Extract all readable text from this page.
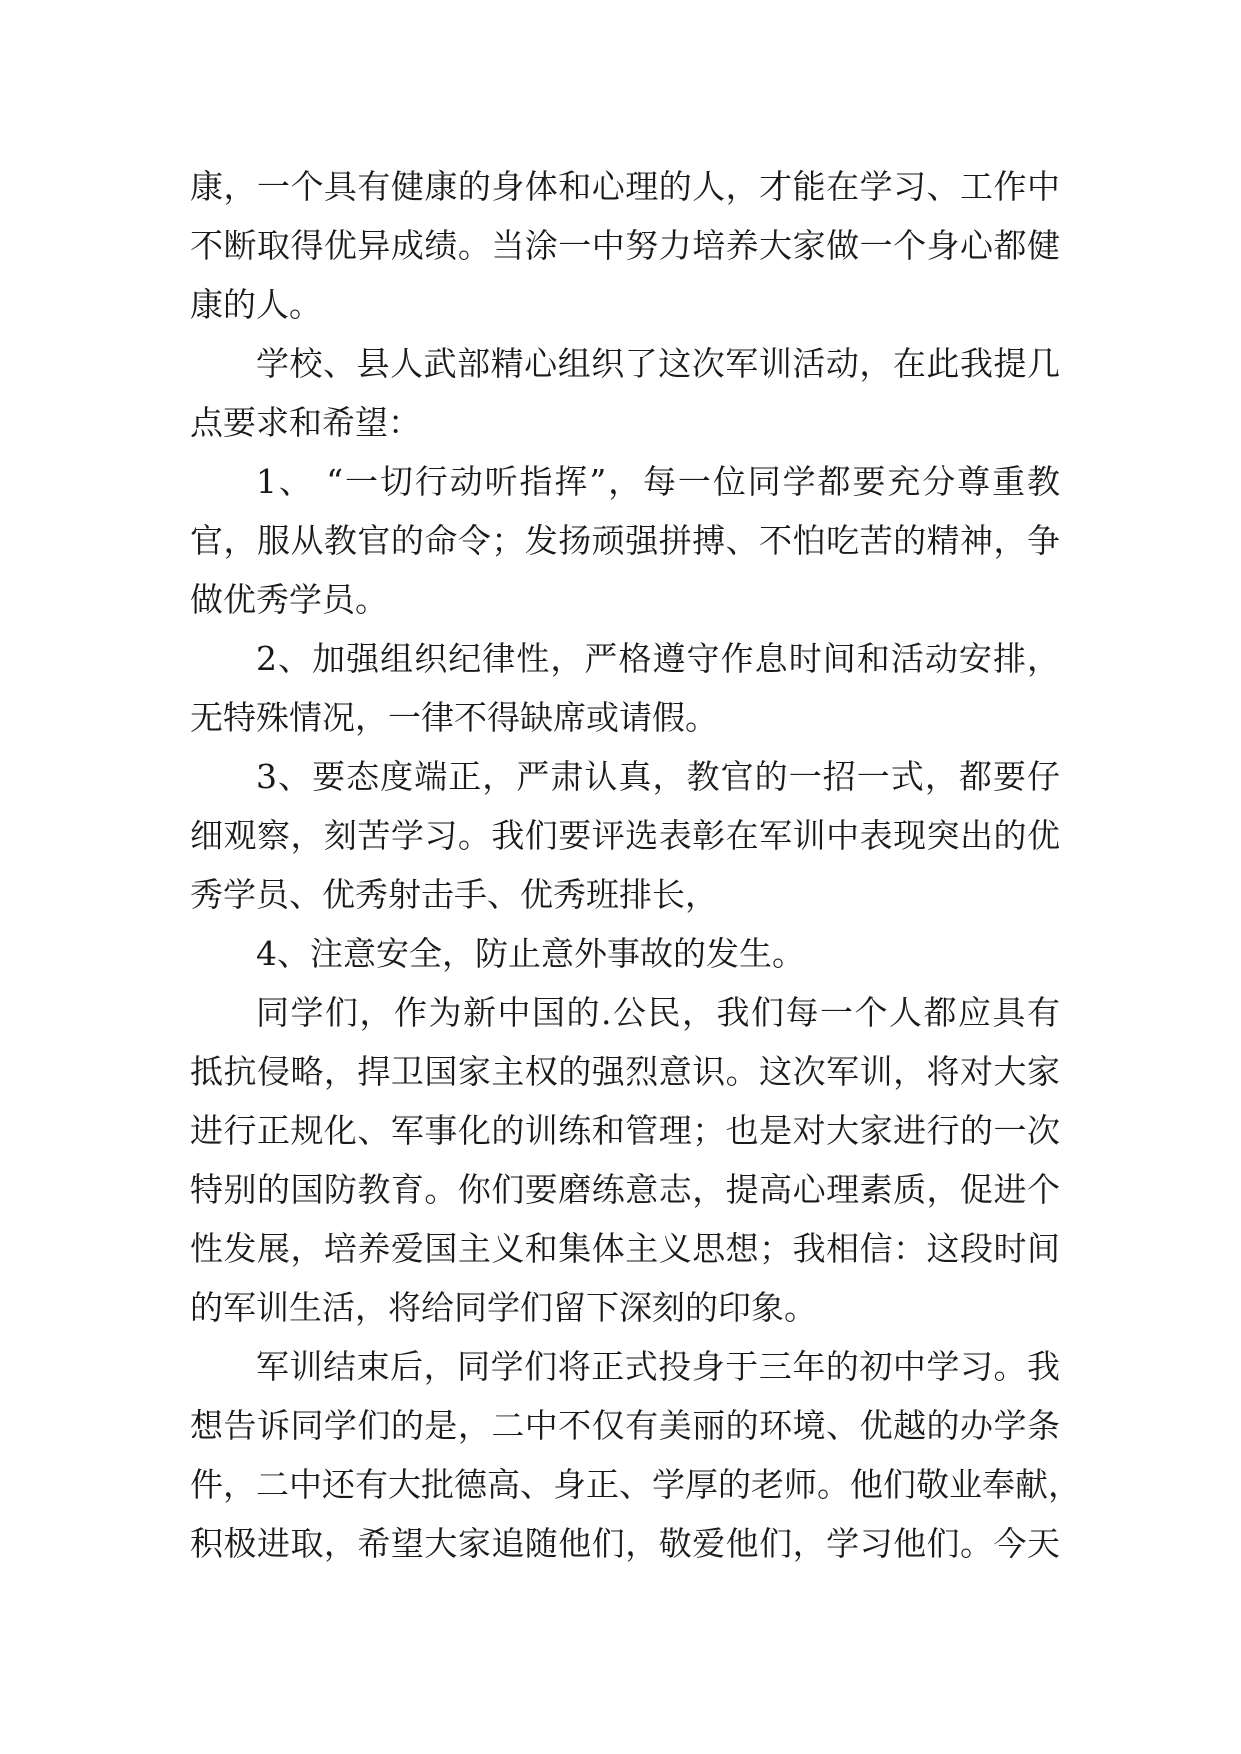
康，一个具有健康的身体和心理的人，才能在学习、工作中
不断取得优异成绩。当涂一中努力培养大家做一个身心都健
康的人。
学校、县人武部精心组织了这次军训活动，在此我提几
点要求和希望：
1、 “一切行动听指挥”，每一位同学都要充分尊重教
官，服从教官的命令；发扬顽强拼搏、不怕吃苦的精神，争
做优秀学员。
2、加强组织纪律性，严格遵守作息时间和活动安排，
无特殊情况，一律不得缺席或请假。
3、要态度端正，严肃认真，教官的一招一式，都要仔
细观察，刻苦学习。我们要评选表彰在军训中表现突出的优
秀学员、优秀射击手、优秀班排长，
4、注意安全，防止意外事故的发生。
同学们，作为新中国的.公民，我们每一个人都应具有
抵抗侵略，捍卫国家主权的强烈意识。这次军训，将对大家
进行正规化、军事化的训练和管理；也是对大家进行的一次
特别的国防教育。你们要磨练意志，提高心理素质，促进个
性发展，培养爱国主义和集体主义思想；我相信：这段时间
的军训生活，将给同学们留下深刻的印象。
军训结束后，同学们将正式投身于三年的初中学习。我
想告诉同学们的是，二中不仅有美丽的环境、优越的办学条
件，二中还有大批德高、身正、学厚的老师。他们敬业奉献，
积极进取，希望大家追随他们，敬爱他们，学习他们。今天
